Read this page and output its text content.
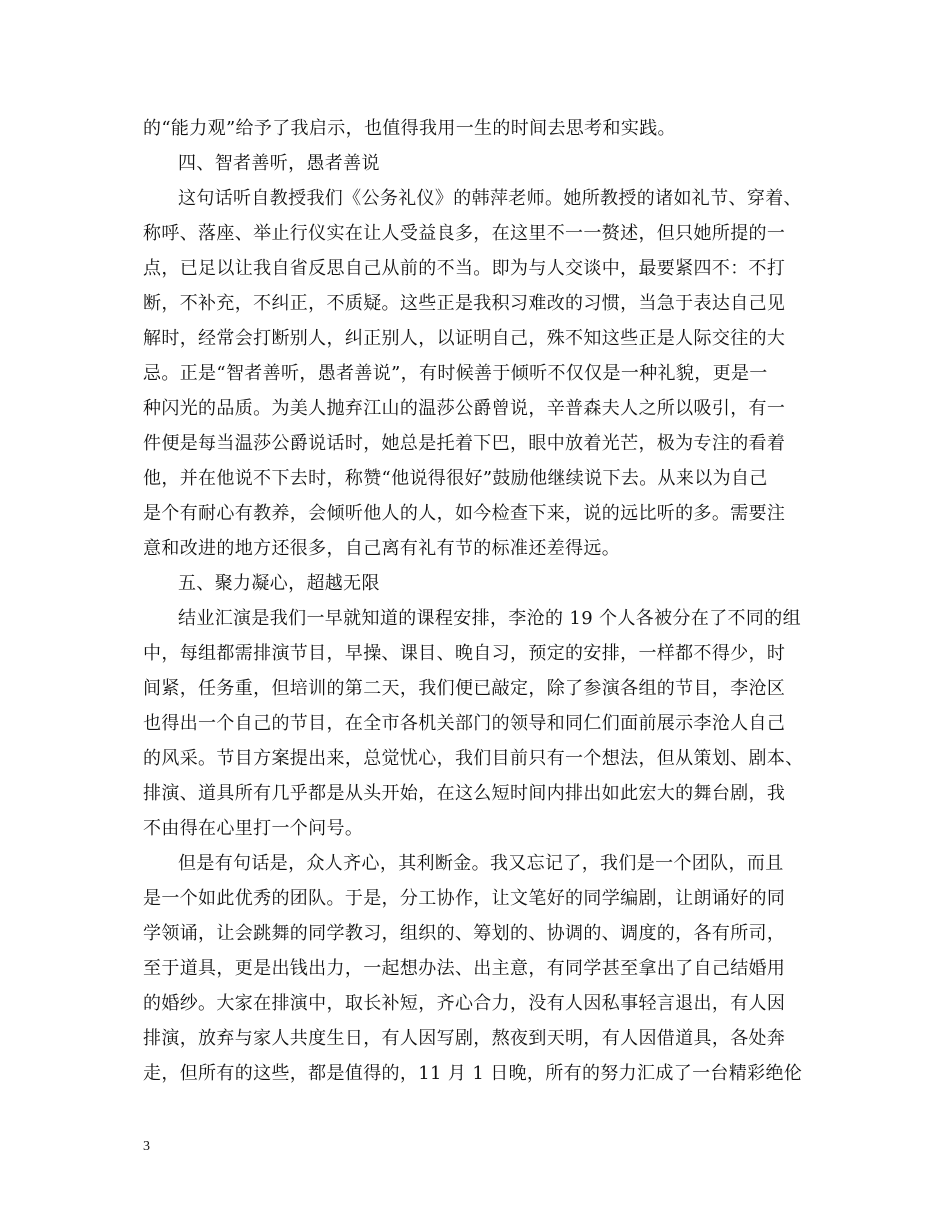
的“能力观”给予了我启示，也值得我用一生的时间去思考和实践。
四、智者善听，愚者善说
这句话听自教授我们《公务礼仪》的韩萍老师。她所教授的诸如礼节、穿着、
称呼、落座、举止行仪实在让人受益良多，在这里不一一赘述，但只她所提的一
点，已足以让我自省反思自己从前的不当。即为与人交谈中，最要紧四不：不打
断，不补充，不纠正，不质疑。这些正是我积习难改的习惯，当急于表达自己见
解时，经常会打断别人，纠正别人，以证明自己，殊不知这些正是人际交往的大
忌。正是“智者善听，愚者善说”，有时候善于倾听不仅仅是一种礼貌，更是一
种闪光的品质。为美人抛弃江山的温莎公爵曾说，辛普森夫人之所以吸引，有一
件便是每当温莎公爵说话时，她总是托着下巴，眼中放着光芒，极为专注的看着
他，并在他说不下去时，称赞“他说得很好”鼓励他继续说下去。从来以为自己
是个有耐心有教养，会倾听他人的人，如今检查下来，说的远比听的多。需要注
意和改进的地方还很多，自己离有礼有节的标准还差得远。
五、聚力凝心，超越无限
结业汇演是我们一早就知道的课程安排，李沧的 19 个人各被分在了不同的组
中，每组都需排演节目，早操、课目、晚自习，预定的安排，一样都不得少，时
间紧，任务重，但培训的第二天，我们便已敲定，除了参演各组的节目，李沧区
也得出一个自己的节目，在全市各机关部门的领导和同仁们面前展示李沧人自己
的风采。节目方案提出来，总觉忧心，我们目前只有一个想法，但从策划、剧本、
排演、道具所有几乎都是从头开始，在这么短时间内排出如此宏大的舞台剧，我
不由得在心里打一个问号。
但是有句话是，众人齐心，其利断金。我又忘记了，我们是一个团队，而且
是一个如此优秀的团队。于是，分工协作，让文笔好的同学编剧，让朗诵好的同
学领诵，让会跳舞的同学教习，组织的、筹划的、协调的、调度的，各有所司，
至于道具，更是出钱出力，一起想办法、出主意，有同学甚至拿出了自己结婚用
的婚纱。大家在排演中，取长补短，齐心合力，没有人因私事轻言退出，有人因
排演，放弃与家人共度生日，有人因写剧，熬夜到天明，有人因借道具，各处奔
走，但所有的这些，都是值得的，11 月 1 日晚，所有的努力汇成了一台精彩绝伦
3
